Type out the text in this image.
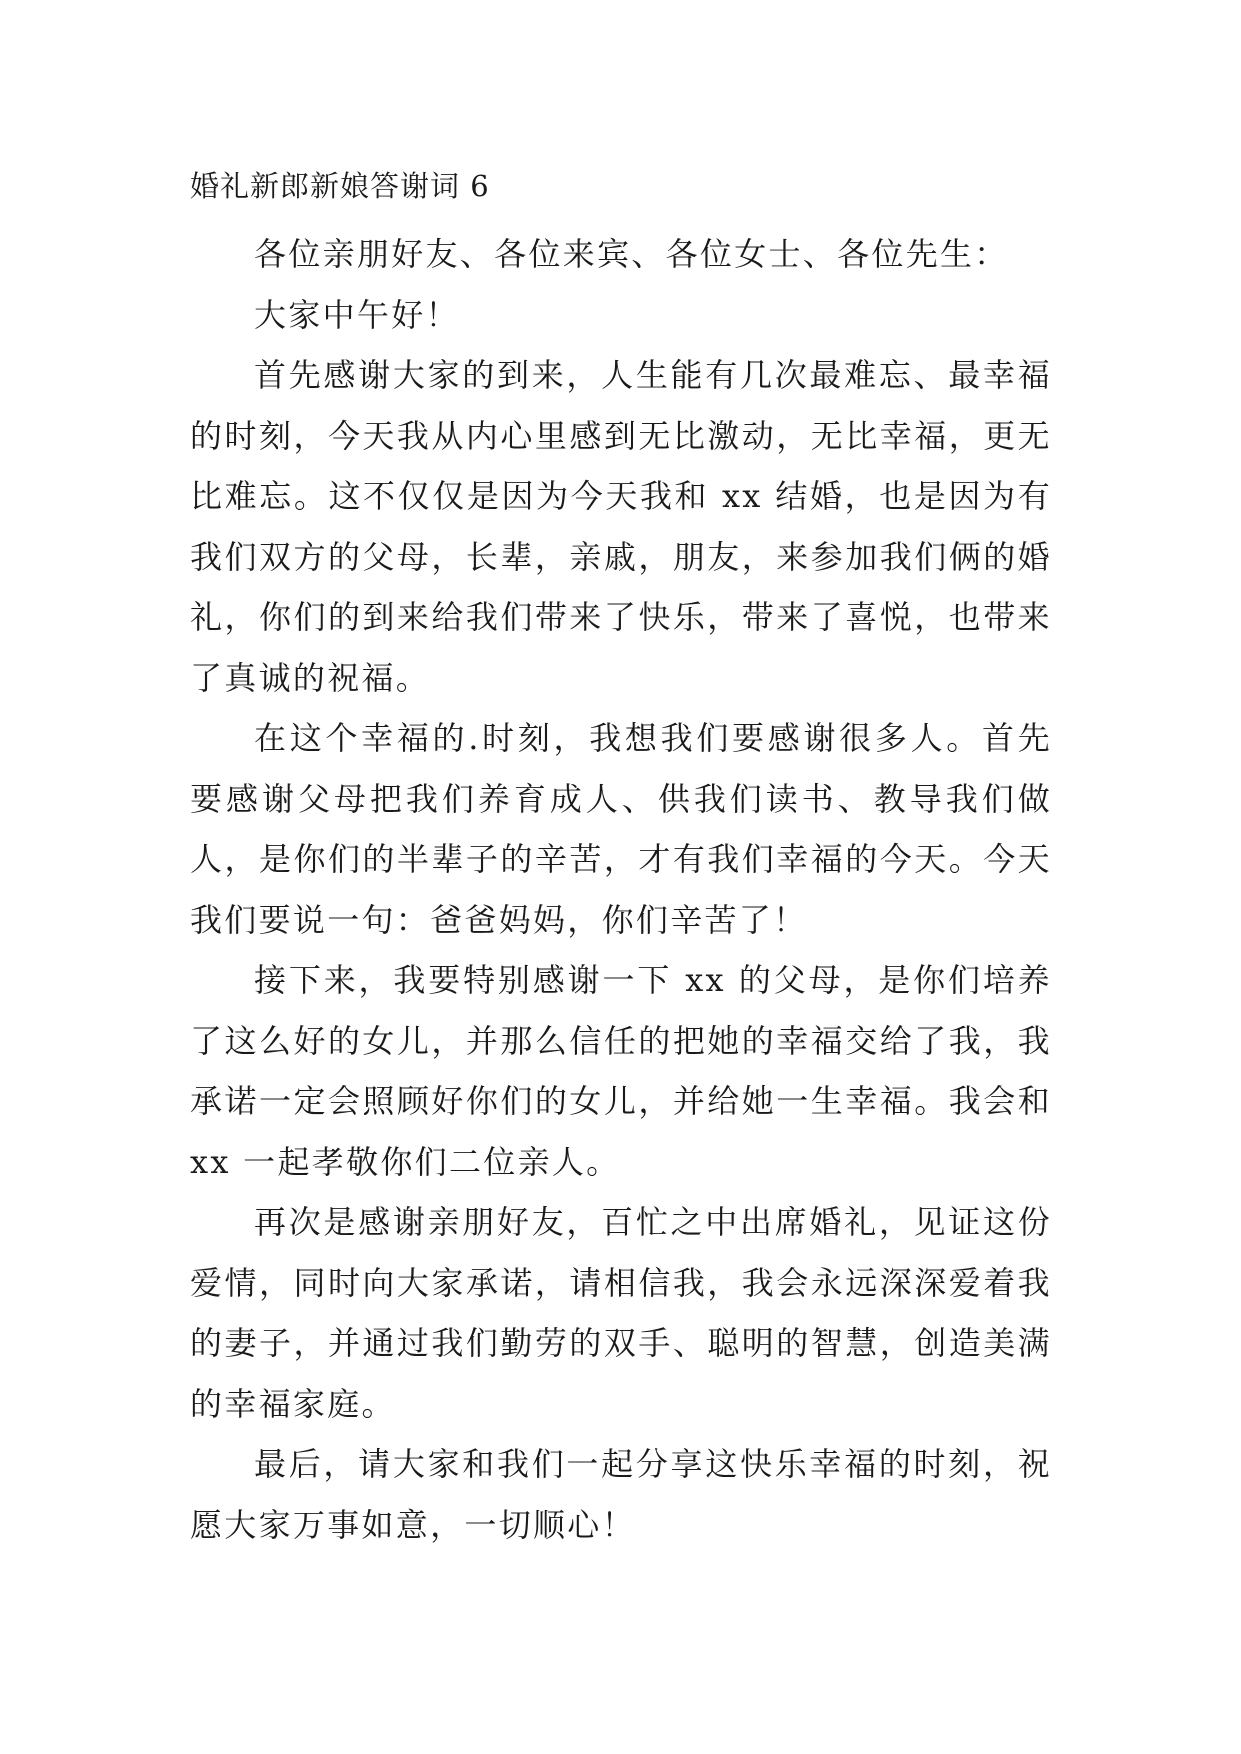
婚礼新郎新娘答谢词 6

各位亲朋好友、各位来宾、各位女士、各位先生：

大家中午好！

首先感谢大家的到来，人生能有几次最难忘、最幸福的时刻，今天我从内心里感到无比激动，无比幸福，更无比难忘。这不仅仅是因为今天我和 xx 结婚，也是因为有我们双方的父母，长辈，亲戚，朋友，来参加我们俩的婚礼，你们的到来给我们带来了快乐，带来了喜悦，也带来了真诚的祝福。

在这个幸福的.时刻，我想我们要感谢很多人。首先要感谢父母把我们养育成人、供我们读书、教导我们做人，是你们的半辈子的辛苦，才有我们幸福的今天。今天我们要说一句：爸爸妈妈，你们辛苦了！

接下来，我要特别感谢一下 xx 的父母，是你们培养了这么好的女儿，并那么信任的把她的幸福交给了我，我承诺一定会照顾好你们的女儿，并给她一生幸福。我会和 xx 一起孝敬你们二位亲人。

再次是感谢亲朋好友，百忙之中出席婚礼，见证这份爱情，同时向大家承诺，请相信我，我会永远深深爱着我的妻子，并通过我们勤劳的双手、聪明的智慧，创造美满的幸福家庭。

最后，请大家和我们一起分享这快乐幸福的时刻，祝愿大家万事如意，一切顺心！
